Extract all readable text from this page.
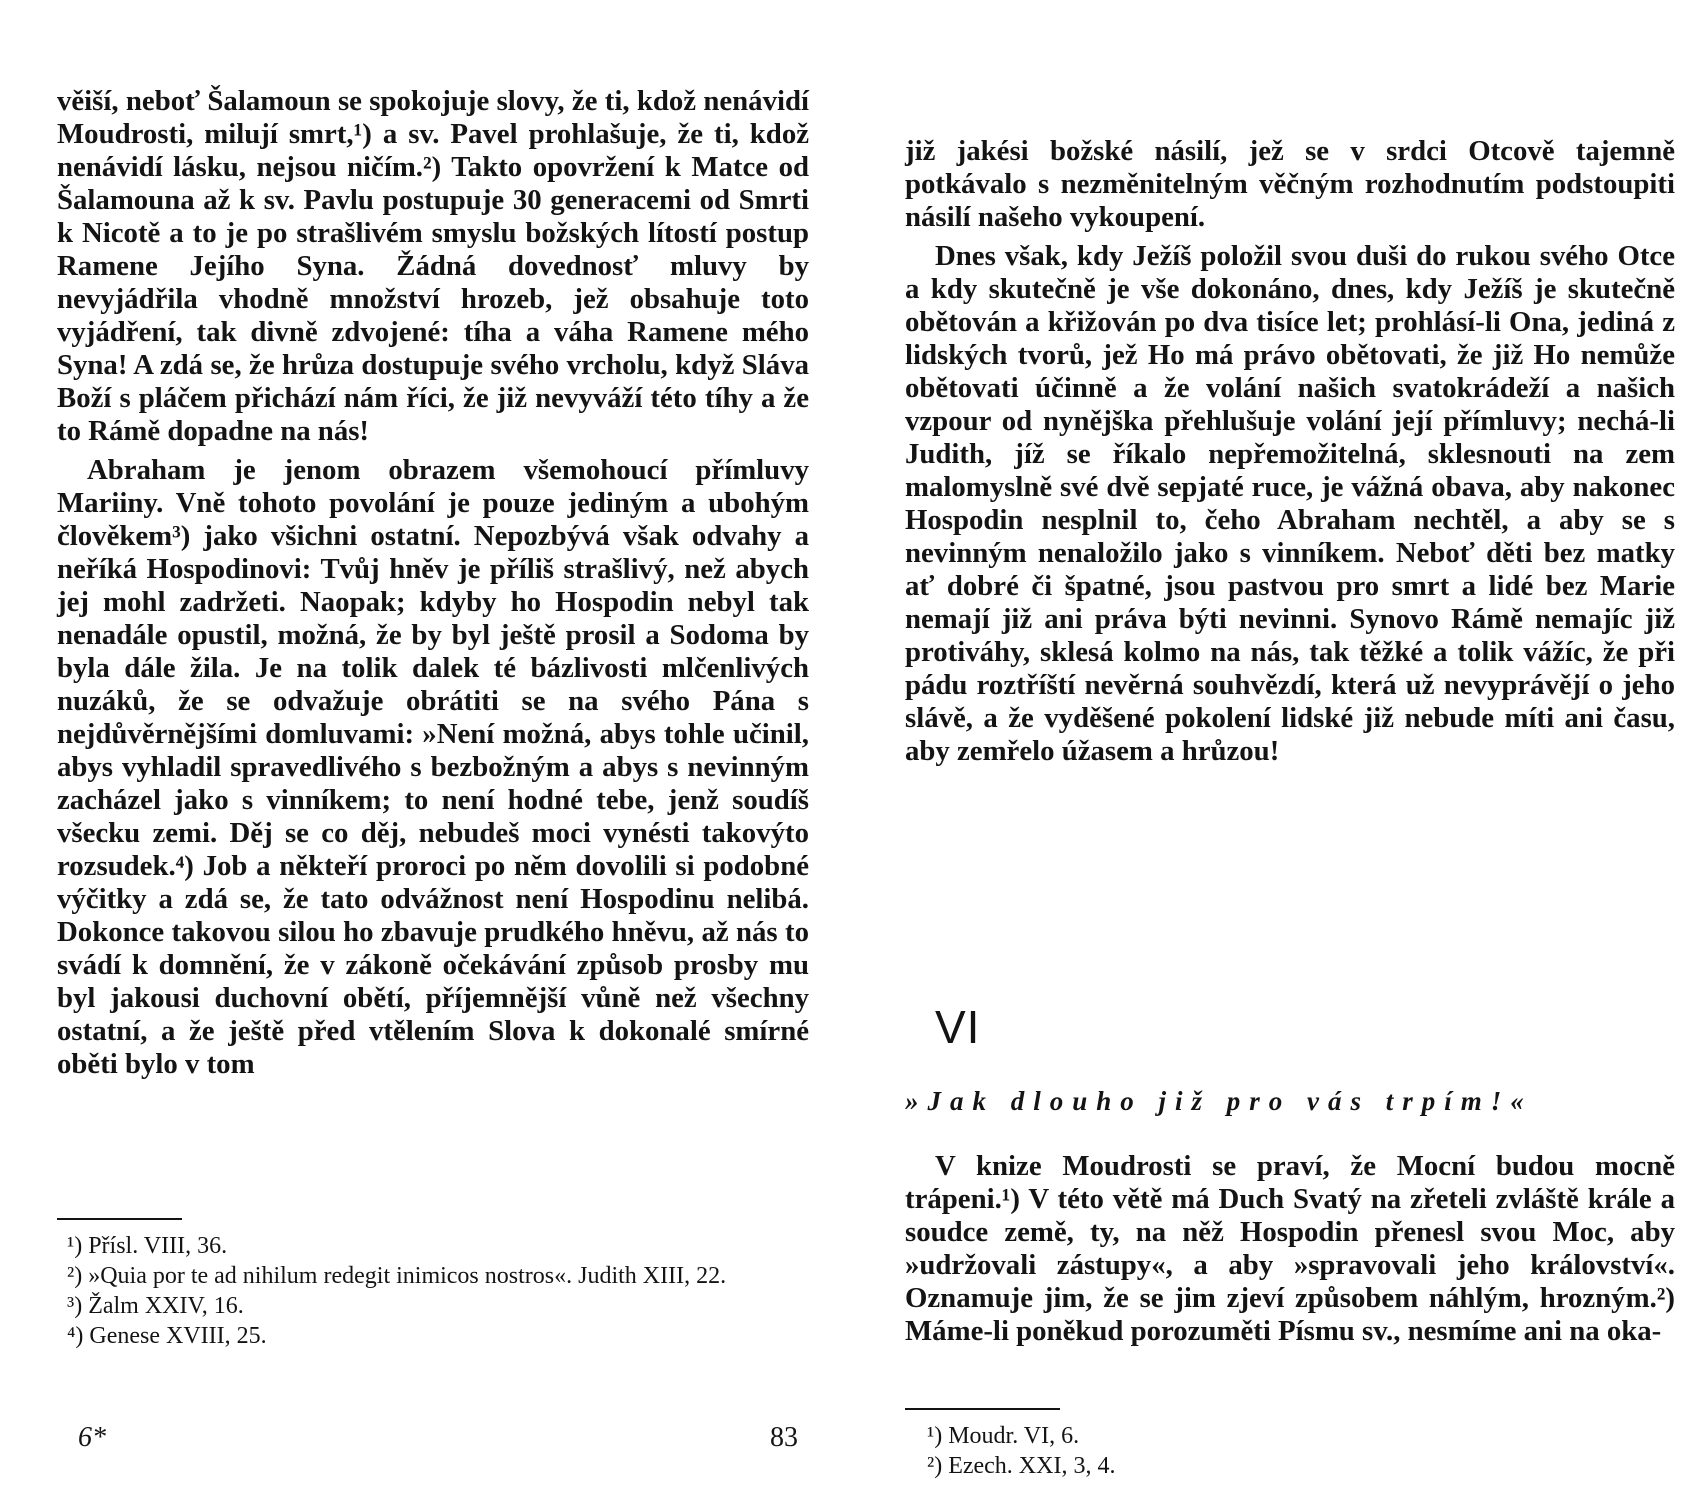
věiší, neboť Šalamoun se spokojuje slovy, že ti, kdož nenávidí Moudrosti, milují smrt,¹) a sv. Pavel prohlašuje, že ti, kdož nenávidí lásku, nejsou ničím.²) Takto opovržení k Matce od Šalamouna až k sv. Pavlu postupuje 30 generacemi od Smrti k Nicotě a to je po strašlivém smyslu božských lítostí postup Ramene Jejího Syna. Žádná dovednosť mluvy by nevyjádřila vhodně množství hrozeb, jež obsahuje toto vyjádření, tak divně zdvojené: tíha a váha Ramene mého Syna! A zdá se, že hrůza dostupuje svého vrcholu, když Sláva Boží s pláčem přichází nám říci, že již nevyváží této tíhy a že to Rámě dopadne na nás!

Abraham je jenom obrazem všemohoucí přímluvy Mariiny. Vně tohoto povolání je pouze jediným a ubohým člověkem³) jako všichni ostatní. Nepozbývá však odvahy a neříká Hospodinovi: Tvůj hněv je příliš strašlivý, než abych jej mohl zadržeti. Naopak; kdyby ho Hospodin nebyl tak nenadále opustil, možná, že by byl ještě prosil a Sodoma by byla dále žila. Je na tolik dalek té bázlivosti mlčenlivých nuzáků, že se odvažuje obrátiti se na svého Pána s nejdůvěrnějšími domluvami: »Není možná, abys tohle učinil, abys vyhladil spravedlivého s bezbožným a abys s nevinným zacházel jako s vinníkem; to není hodné tebe, jenž soudíš všecku zemi. Děj se co děj, nebudeš moci vynésti takovýto rozsudek.⁴) Job a někteří proroci po něm dovolili si podobné výčitky a zdá se, že tato odvážnost není Hospodinu nelibá. Dokonce takovou silou ho zbavuje prudkého hněvu, až nás to svádí k domnění, že v zákoně očekávání způsob prosby mu byl jakousi duchovní obětí, příjemnější vůně než všechny ostatní, a že ještě před vtělením Slova k dokonalé smírné oběti bylo v tom

¹) Přísl. VIII, 36.

²) »Quia por te ad nihilum redegit inimicos nostros«. Judith XIII, 22.

³) Žalm XXIV, 16.

⁴) Genese XVIII, 25.

6*	83

již jakési božské násilí, jež se v srdci Otcově tajemně potkávalo s nezměnitelným věčným rozhodnutím podstoupiti násilí našeho vykoupení.

Dnes však, kdy Ježíš položil svou duši do rukou svého Otce a kdy skutečně je vše dokonáno, dnes, kdy Ježíš je skutečně obětován a křižován po dva tisíce let; prohlásí-li Ona, jediná z lidských tvorů, jež Ho má právo obětovati, že již Ho nemůže obětovati účinně a že volání našich svatokrádeží a našich vzpour od nynějška přehlušuje volání její přímluvy; nechá-li Judith, jíž se říkalo nepřemožitelná, sklesnouti na zem malomyslně své dvě sepjaté ruce, je vážná obava, aby nakonec Hospodin nesplnil to, čeho Abraham nechtěl, a aby se s nevinným nenaložilo jako s vinníkem. Neboť děti bez matky ať dobré či špatné, jsou pastvou pro smrt a lidé bez Marie nemají již ani práva býti nevinni. Synovo Rámě nemajíc již protiváhy, sklesá kolmo na nás, tak těžké a tolik vážíc, že při pádu roztříští nevěrná souhvězdí, která už nevyprávějí o jeho slávě, a že vyděšené pokolení lidské již nebude míti ani času, aby zemřelo úžasem a hrůzou!

VI
»Jak dlouho již pro vás trpím!«

V knize Moudrosti se praví, že Mocní budou mocně trápeni.¹) V této větě má Duch Svatý na zřeteli zvláště krále a soudce země, ty, na něž Hospodin přenesl svou Moc, aby »udržovali zástupy«, a aby »spravovali jeho království«. Oznamuje jim, že se jim zjeví způsobem náhlým, hrozným.²) Máme-li poněkud porozuměti Písmu sv., nesmíme ani na oka-

¹) Moudr. VI, 6.

²) Ezech. XXI, 3, 4.
